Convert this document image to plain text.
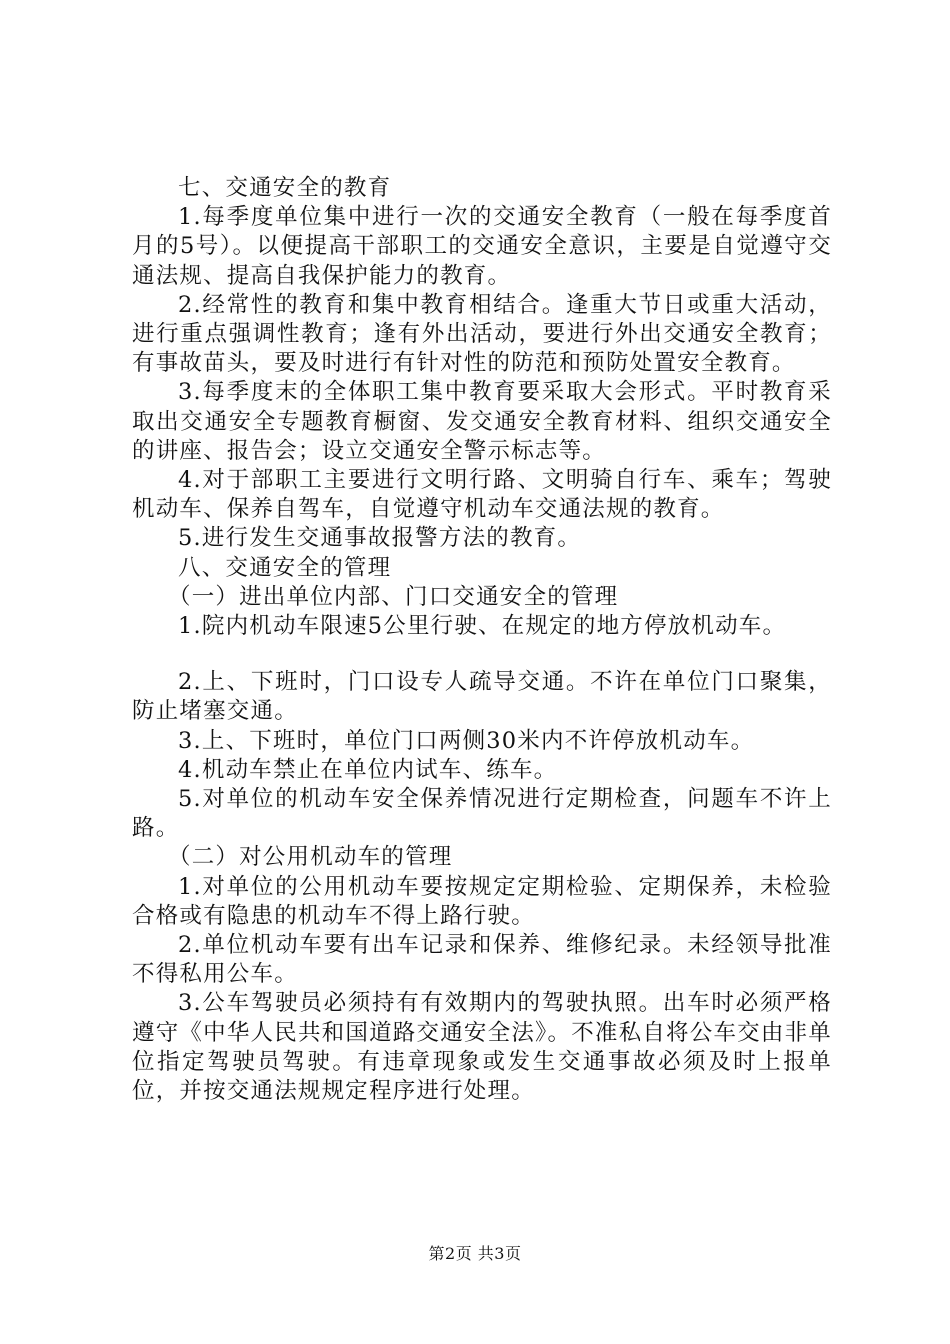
七、交通安全的教育

1.每季度单位集中进行一次的交通安全教育（一般在每季度首月的5号）。以便提高干部职工的交通安全意识，主要是自觉遵守交通法规、提高自我保护能力的教育。

2.经常性的教育和集中教育相结合。逢重大节日或重大活动，进行重点强调性教育；逢有外出活动，要进行外出交通安全教育；有事故苗头，要及时进行有针对性的防范和预防处置安全教育。

3.每季度末的全体职工集中教育要采取大会形式。平时教育采取出交通安全专题教育橱窗、发交通安全教育材料、组织交通安全的讲座、报告会；设立交通安全警示标志等。

4.对于部职工主要进行文明行路、文明骑自行车、乘车；驾驶机动车、保养自驾车，自觉遵守机动车交通法规的教育。

5.进行发生交通事故报警方法的教育。

八、交通安全的管理

（一）进出单位内部、门口交通安全的管理

1.院内机动车限速5公里行驶、在规定的地方停放机动车。

2.上、下班时，门口设专人疏导交通。不许在单位门口聚集，防止堵塞交通。

3.上、下班时，单位门口两侧30米内不许停放机动车。

4.机动车禁止在单位内试车、练车。

5.对单位的机动车安全保养情况进行定期检查，问题车不许上路。

（二）对公用机动车的管理

1.对单位的公用机动车要按规定定期检验、定期保养，未检验合格或有隐患的机动车不得上路行驶。

2.单位机动车要有出车记录和保养、维修纪录。未经领导批准不得私用公车。

3.公车驾驶员必须持有有效期内的驾驶执照。出车时必须严格遵守《中华人民共和国道路交通安全法》。不准私自将公车交由非单位指定驾驶员驾驶。有违章现象或发生交通事故必须及时上报单位，并按交通法规规定程序进行处理。

第2页 共3页
